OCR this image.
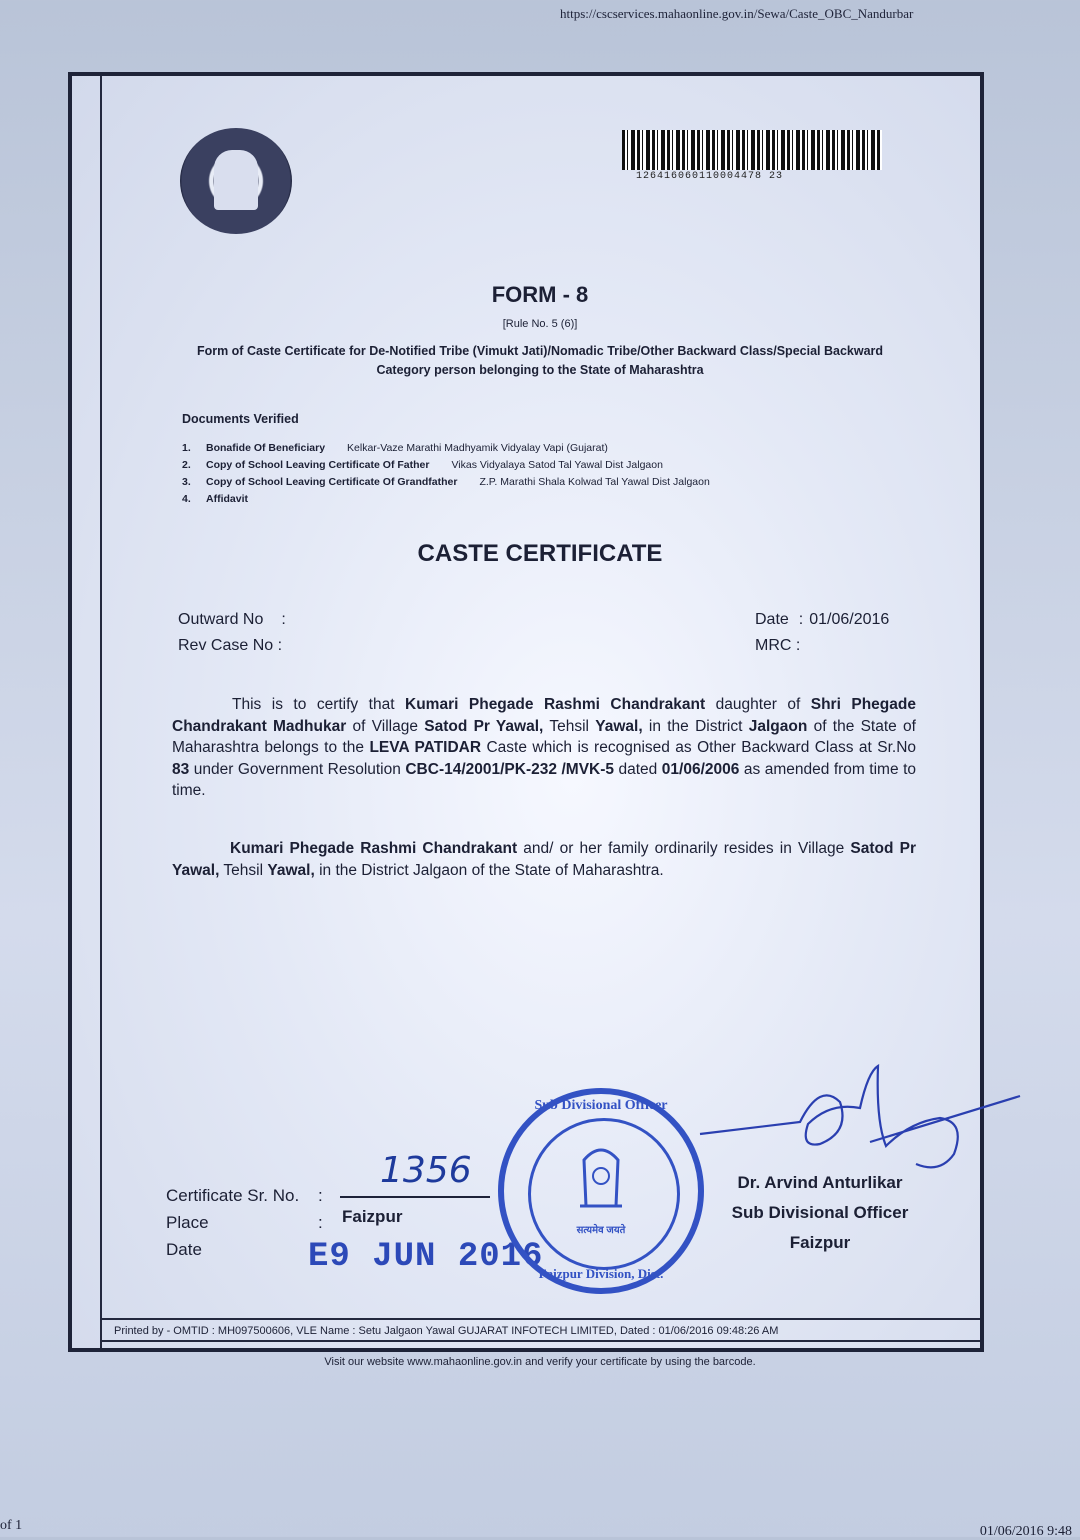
https://cscservices.mahaonline.gov.in/Sewa/Caste_OBC_Nandurbar
126416060110004478 23
FORM - 8
[Rule No. 5 (6)]
Form of Caste Certificate for De-Notified Tribe (Vimukt Jati)/Nomadic Tribe/Other Backward Class/Special Backward Category person belonging to the State of Maharashtra
Documents Verified
1. Bonafide Of Beneficiary Kelkar-Vaze Marathi Madhyamik Vidyalay Vapi (Gujarat)
2. Copy of School Leaving Certificate Of Father Vikas Vidyalaya Satod Tal Yawal Dist Jalgaon
3. Copy of School Leaving Certificate Of Grandfather Z.P. Marathi Shala Kolwad Tal Yawal Dist Jalgaon
4. Affidavit
CASTE CERTIFICATE
Outward No :
Rev Case No :
Date : 01/06/2016
MRC :
This is to certify that Kumari Phegade Rashmi Chandrakant daughter of Shri Phegade Chandrakant Madhukar of Village Satod Pr Yawal, Tehsil Yawal, in the District Jalgaon of the State of Maharashtra belongs to the LEVA PATIDAR Caste which is recognised as Other Backward Class at Sr.No 83 under Government Resolution CBC-14/2001/PK-232 /MVK-5 dated 01/06/2006 as amended from time to time.
Kumari Phegade Rashmi Chandrakant and/ or her family ordinarily resides in Village Satod Pr Yawal, Tehsil Yawal, in the District Jalgaon of the State of Maharashtra.
Certificate Sr. No.
Place
Date
:
:
1356
Faizpur
E9 JUN 2016
Sub Divisional Officer
सत्यमेव जयते
Faizpur Division, Dist.
Dr. Arvind Anturlikar
Sub Divisional Officer
Faizpur
Printed by - OMTID : MH097500606, VLE Name : Setu Jalgaon Yawal GUJARAT INFOTECH LIMITED, Dated : 01/06/2016 09:48:26 AM
Visit our website www.mahaonline.gov.in and verify your certificate by using the barcode.
of 1	01/06/2016 9:48
